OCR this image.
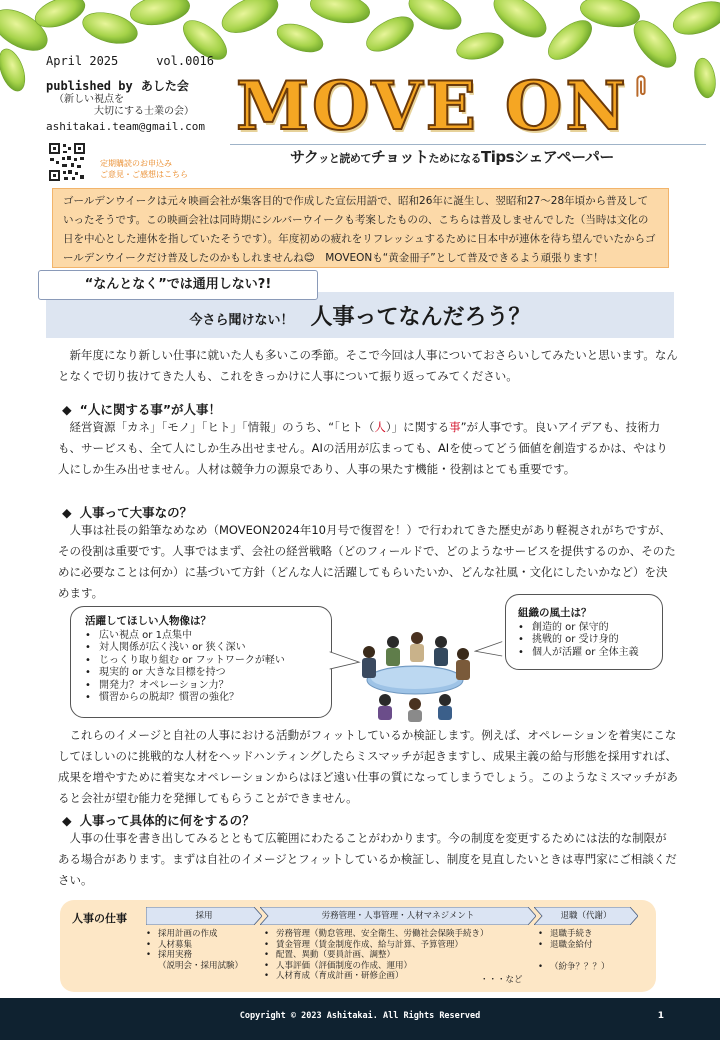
April 2025	vol.0016
published by あした会
（新しい視点を
大切にする士業の会）
ashitakai.team@gmail.com
定期購読のお申込み
ご意見・ご感想はこちら
MOVE ON
サクッと読めてチョットためになるTipsシェアペーパー
ゴールデンウイークは元々映画会社が集客目的で作成した宣伝用語で、昭和26年に誕生し、翌昭和27～28年頃から普及していったそうです。この映画会社は同時期にシルバーウイークも考案したものの、こちらは普及しませんでした（当時は文化の日を中心とした連休を指していたそうです）。年度初めの疲れをリフレッシュするために日本中が連休を待ち望んでいたからゴールデンウイークだけ普及したのかもしれませんね😊　MOVEONも“黄金冊子”として普及できるよう頑張ります！
“なんとなく”では通用しない?!
今さら聞けない！ 人事ってなんだろう？
新年度になり新しい仕事に就いた人も多いこの季節。そこで今回は人事についておさらいしてみたいと思います。なんとなくで切り抜けてきた人も、これをきっかけに人事について振り返ってみてください。
◆ “人に関する事”が人事！
経営資源「カネ」「モノ」「ヒト」「情報」のうち、“「ヒト（人）」に関する事”が人事です。良いアイデアも、技術力も、サービスも、全て人にしか生み出せません。AIの活用が広まっても、AIを使ってどう価値を創造するかは、やはり人にしか生み出せません。人材は競争力の源泉であり、人事の果たす機能・役割はとても重要です。
◆ 人事って大事なの？
人事は社長の鉛筆なめなめ（MOVEON2024年10月号で復習を！）で行われてきた歴史があり軽視されがちですが、その役割は重要です。人事ではまず、会社の経営戦略（どのフィールドで、どのようなサービスを提供するのか、そのために必要なことは何か）に基づいて方針（どんな人に活躍してもらいたいか、どんな社風・文化にしたいかなど）を決めます。
活躍してほしい人物像は？
• 広い視点 or 1点集中
• 対人関係が広く浅い or 狭く深い
• じっくり取り組む or フットワークが軽い
• 現実的 or 大きな目標を持つ
• 開発力？オペレーション力？
• 慣習からの脱却？慣習の強化？
組織の風土は？
• 創造的 or 保守的
• 挑戦的 or 受け身的
• 個人が活躍 or 全体主義
これらのイメージと自社の人事における活動がフィットしているか検証します。例えば、オペレーションを着実にこなしてほしいのに挑戦的な人材をヘッドハンティングしたらミスマッチが起きますし、成果主義の給与形態を採用すれば、成果を増やすために着実なオペレーションからはほど遠い仕事の質になってしまうでしょう。このようなミスマッチがあると会社が望む能力を発揮してもらうことができません。
◆ 人事って具体的に何をするの？
人事の仕事を書き出してみるとともて広範囲にわたることがわかります。今の制度を変更するためには法的な制限がある場合があります。まずは自社のイメージとフィットしているか検証し、制度を見直したいときは専門家にご相談ください。
人事の仕事	採用	労務管理・人事管理・人材マネジメント	退職（代謝）
• 採用計画の作成
• 人材募集
• 採用実務
（説明会・採用試験）
• 労務管理（勤怠管理、安全衛生、労働社会保険手続き）
• 賃金管理（賃金制度作成、給与計算、予算管理）
• 配置、異動（要員計画、調整）
• 人事評価（評価制度の作成、運用）
• 人材育成（育成計画・研修企画）	・・・など
• 退職手続き
• 退職金給付
• （紛争？？？）
Copyright © 2023 Ashitakai. All Rights Reserved	1
